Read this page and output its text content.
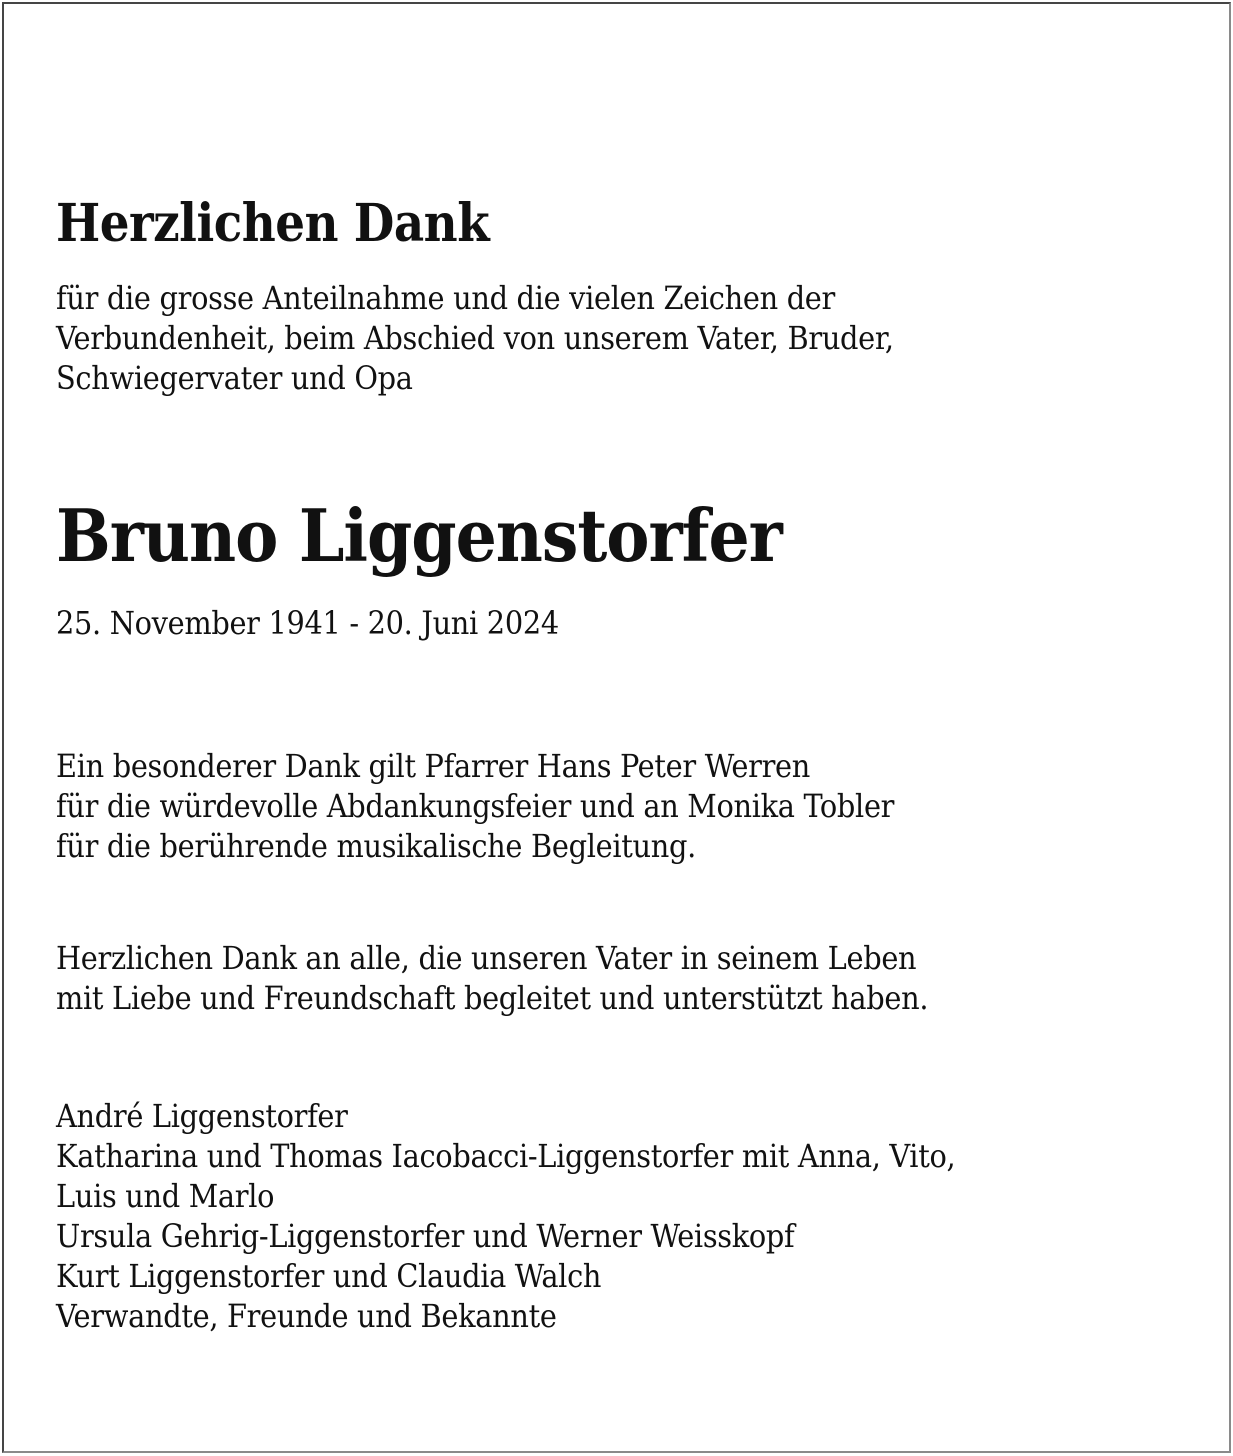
Herzlichen Dank
für die grosse Anteilnahme und die vielen Zeichen der
Verbundenheit, beim Abschied von unserem Vater, Bruder,
Schwiegervater und Opa
Bruno Liggenstorfer
25. November 1941 - 20. Juni 2024
Ein besonderer Dank gilt Pfarrer Hans Peter Werren
für die würdevolle Abdankungsfeier und an Monika Tobler
für die berührende musikalische Begleitung.
Herzlichen Dank an alle, die unseren Vater in seinem Leben
mit Liebe und Freundschaft begleitet und unterstützt haben.
André Liggenstorfer
Katharina und Thomas Iacobacci-Liggenstorfer mit Anna, Vito,
Luis und Marlo
Ursula Gehrig-Liggenstorfer und Werner Weisskopf
Kurt Liggenstorfer und Claudia Walch
Verwandte, Freunde und Bekannte
